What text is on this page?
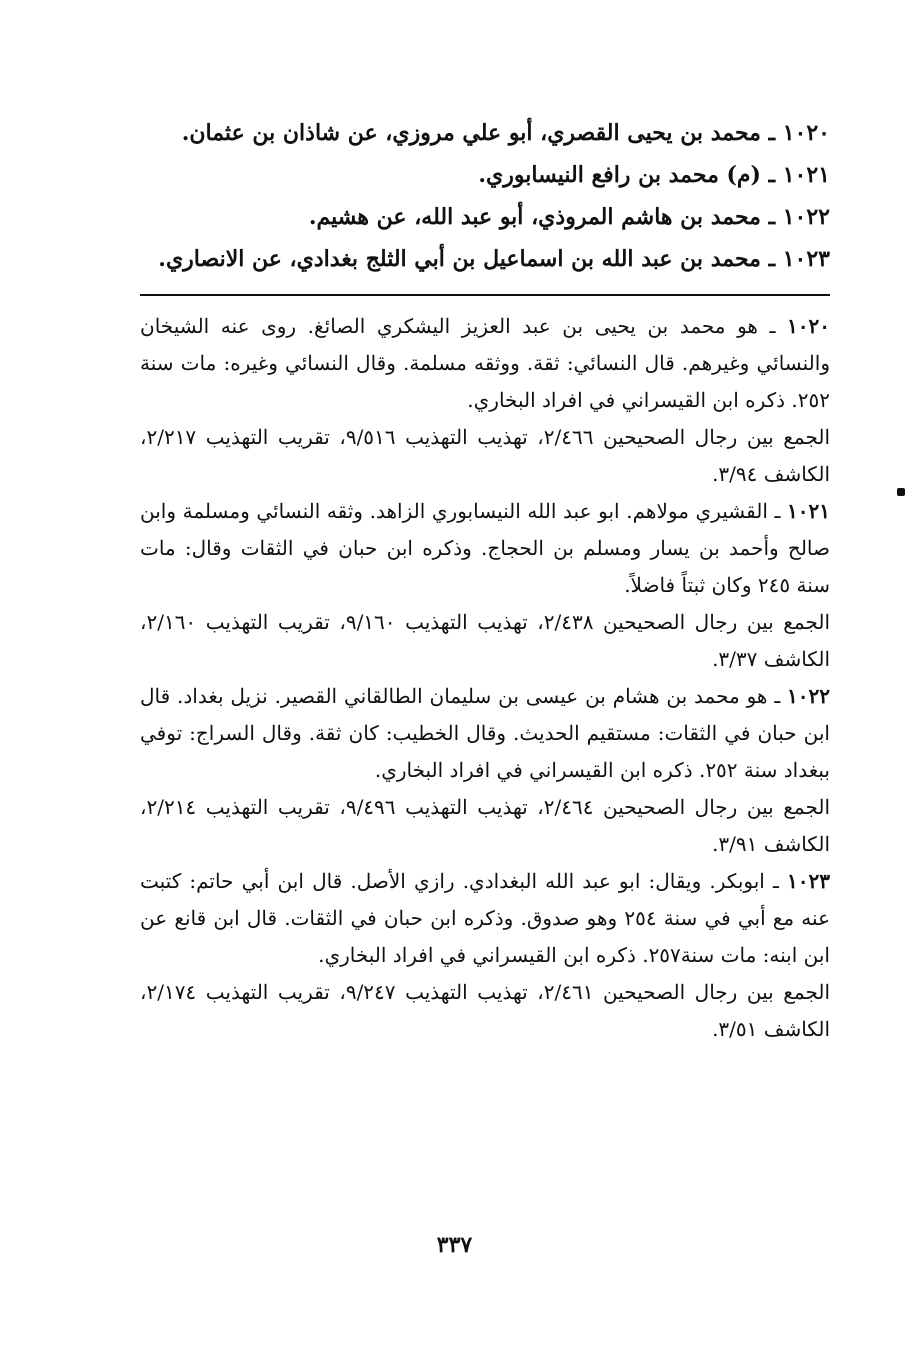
١٠٢٠ ـ محمد بن يحيى القصري، أبو علي مروزي، عن شاذان بن عثمان.
١٠٢١ ـ (م) محمد بن رافع النيسابوري.
١٠٢٢ ـ محمد بن هاشم المروذي، أبو عبد الله، عن هشيم.
١٠٢٣ ـ محمد بن عبد الله بن اسماعيل بن أبي الثلج بغدادي، عن الانصاري.

١٠٢٠ ـ هو محمد بن يحيى بن عبد العزيز اليشكري الصائغ. روى عنه الشيخان والنسائي وغيرهم. قال النسائي: ثقة. ووثقه مسلمة. وقال النسائي وغيره: مات سنة ٢٥٢. ذكره ابن القيسراني في افراد البخاري.

الجمع بين رجال الصحيحين ٢/٤٦٦، تهذيب التهذيب ٩/٥١٦، تقريب التهذيب ٢/٢١٧، الكاشف ٣/٩٤.

١٠٢١ ـ القشيري مولاهم. ابو عبد الله النيسابوري الزاهد. وثقه النسائي ومسلمة وابن صالح وأحمد بن يسار ومسلم بن الحجاج. وذكره ابن حبان في الثقات وقال: مات سنة ٢٤٥ وكان ثبتاً فاضلاً.

الجمع بين رجال الصحيحين ٢/٤٣٨، تهذيب التهذيب ٩/١٦٠، تقريب التهذيب ٢/١٦٠، الكاشف ٣/٣٧.

١٠٢٢ ـ هو محمد بن هشام بن عيسى بن سليمان الطالقاني القصير. نزيل بغداد. قال ابن حبان في الثقات: مستقيم الحديث. وقال الخطيب: كان ثقة. وقال السراج: توفي ببغداد سنة ٢٥٢. ذكره ابن القيسراني في افراد البخاري.

الجمع بين رجال الصحيحين ٢/٤٦٤، تهذيب التهذيب ٩/٤٩٦، تقريب التهذيب ٢/٢١٤، الكاشف ٣/٩١.

١٠٢٣ ـ ابوبكر. ويقال: ابو عبد الله البغدادي. رازي الأصل. قال ابن أبي حاتم: كتبت عنه مع أبي في سنة ٢٥٤ وهو صدوق. وذكره ابن حبان في الثقات. قال ابن قانع عن ابن ابنه: مات سنة٢٥٧. ذكره ابن القيسراني في افراد البخاري.

الجمع بين رجال الصحيحين ٢/٤٦١، تهذيب التهذيب ٩/٢٤٧، تقريب التهذيب ٢/١٧٤، الكاشف ٣/٥١.

٣٣٧
